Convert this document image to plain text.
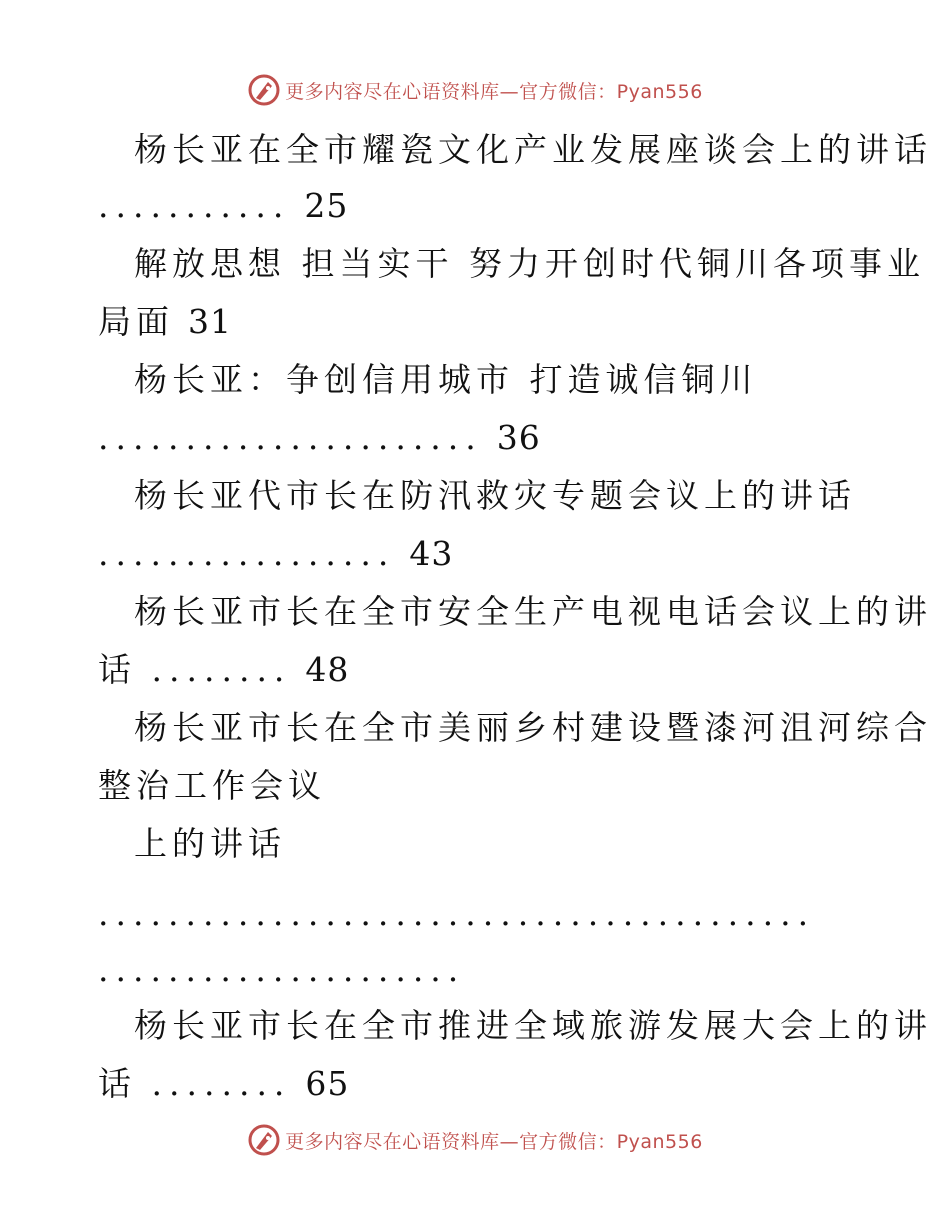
更多内容尽在心语资料库—官方微信：Pyan556
杨长亚在全市耀瓷文化产业发展座谈会上的讲话
........... 25
解放思想 担当实干 努力开创时代铜川各项事业
局面 31
杨长亚：争创信用城市 打造诚信铜川
...................... 36
杨长亚代市长在防汛救灾专题会议上的讲话
................. 43
杨长亚市长在全市安全生产电视电话会议上的讲
话 ........ 48
杨长亚市长在全市美丽乡村建设暨漆河沮河综合
整治工作会议
上的讲话
.........................................
.....................
杨长亚市长在全市推进全域旅游发展大会上的讲
话 ........ 65
更多内容尽在心语资料库—官方微信：Pyan556
